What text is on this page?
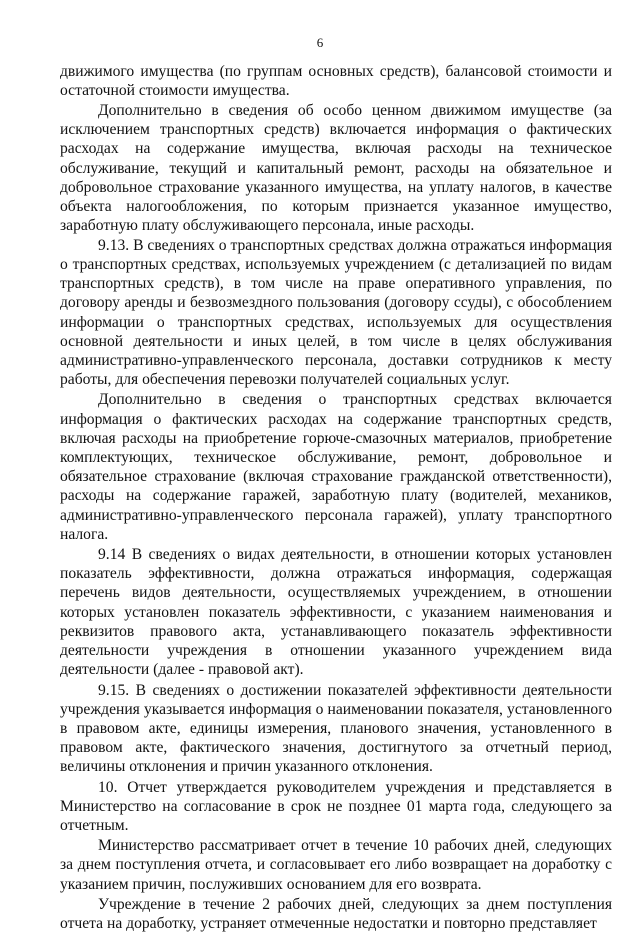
6

движимого имущества (по группам основных средств), балансовой стоимости и остаточной стоимости имущества.

Дополнительно в сведения об особо ценном движимом имуществе (за исключением транспортных средств) включается информация о фактических расходах на содержание имущества, включая расходы на техническое обслуживание, текущий и капитальный ремонт, расходы на обязательное и добровольное страхование указанного имущества, на уплату налогов, в качестве объекта налогообложения, по которым признается указанное имущество, заработную плату обслуживающего персонала, иные расходы.

9.13. В сведениях о транспортных средствах должна отражаться информация о транспортных средствах, используемых учреждением (с детализацией по видам транспортных средств), в том числе на праве оперативного управления, по договору аренды и безвозмездного пользования (договору ссуды), с обособлением информации о транспортных средствах, используемых для осуществления основной деятельности и иных целей, в том числе в целях обслуживания административно-управленческого персонала, доставки сотрудников к месту работы, для обеспечения перевозки получателей социальных услуг.

Дополнительно в сведения о транспортных средствах включается информация о фактических расходах на содержание транспортных средств, включая расходы на приобретение горюче-смазочных материалов, приобретение комплектующих, техническое обслуживание, ремонт, добровольное и обязательное страхование (включая страхование гражданской ответственности), расходы на содержание гаражей, заработную плату (водителей, механиков, административно-управленческого персонала гаражей), уплату транспортного налога.

9.14 В сведениях о видах деятельности, в отношении которых установлен показатель эффективности, должна отражаться информация, содержащая перечень видов деятельности, осуществляемых учреждением, в отношении которых установлен показатель эффективности, с указанием наименования и реквизитов правового акта, устанавливающего показатель эффективности деятельности учреждения в отношении указанного учреждением вида деятельности (далее - правовой акт).

9.15. В сведениях о достижении показателей эффективности деятельности учреждения указывается информация о наименовании показателя, установленного в правовом акте, единицы измерения, планового значения, установленного в правовом акте, фактического значения, достигнутого за отчетный период, величины отклонения и причин указанного отклонения.

10. Отчет утверждается руководителем учреждения и представляется в Министерство на согласование в срок не позднее 01 марта года, следующего за отчетным.

Министерство рассматривает отчет в течение 10 рабочих дней, следующих за днем поступления отчета, и согласовывает его либо возвращает на доработку с указанием причин, послуживших основанием для его возврата.

Учреждение в течение 2 рабочих дней, следующих за днем поступления отчета на доработку, устраняет отмеченные недостатки и повторно представляет
